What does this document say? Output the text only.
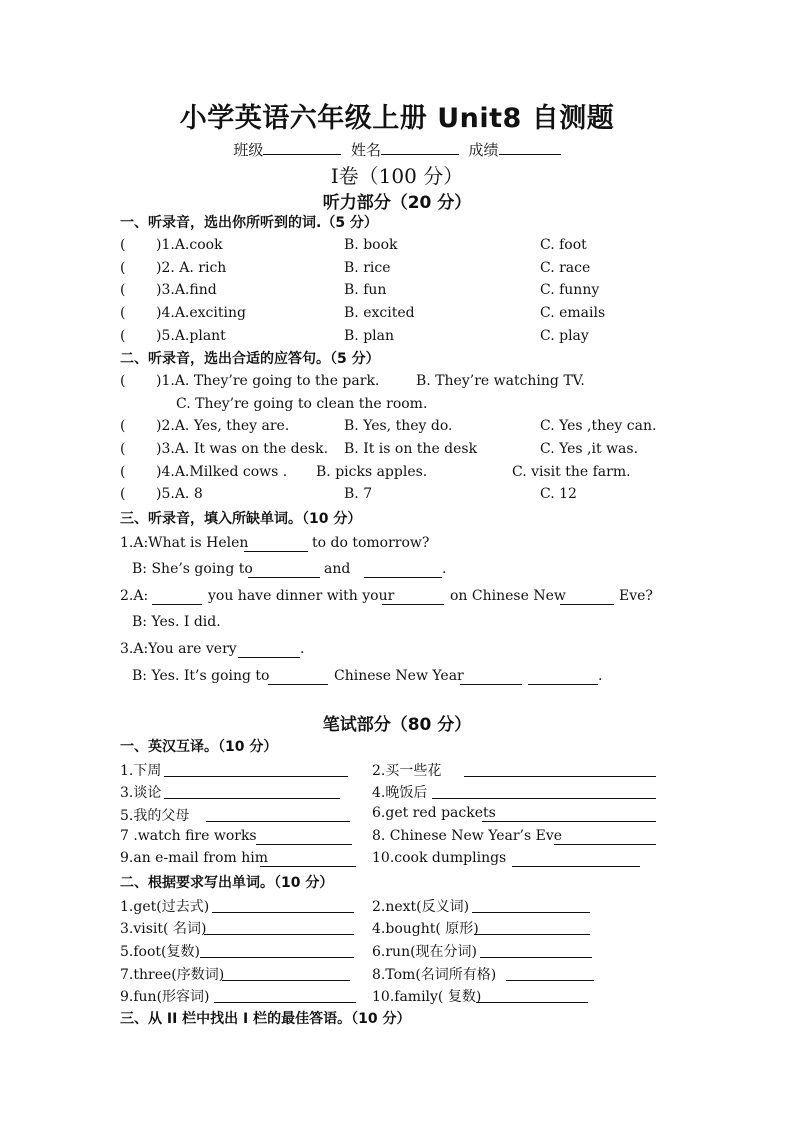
小学英语六年级上册 Unit8 自测题
班级	姓名	成绩
Ⅰ卷（100 分）
听力部分（20 分）
一、听录音，选出你所听到的词.（5 分）
( )1.A.cook	B. book	C. foot
( )2. A. rich	B. rice	C. race
( )3.A.find	B. fun	C. funny
( )4.A.exciting	B. excited	C. emails
( )5.A.plant	B. plan	C. play
二、听录音，选出合适的应答句。（5 分）
( )1.A. They’re going to the park.	B. They’re watching TV.
C. They’re going to clean the room.
( )2.A. Yes, they are.	B. Yes, they do.	C. Yes ,they can.
( )3.A. It was on the desk. B. It is on the desk	C. Yes ,it was.
( )4.A.Milked cows . B. picks apples.	C. visit the farm.
( )5.A. 8	B. 7	C. 12
三、听录音，填入所缺单词。（10 分）
1.A:What is Helen	to do tomorrow?
B: She’s going to	and	.
2.A:	you have dinner with your	on Chinese New	Eve?
B: Yes. I did.
3.A:You are very	.
B: Yes. It’s going to	Chinese New Year	.
笔试部分（80 分）
一、英汉互译。（10 分）
1.下周	2.买一些花
3.谈论	4.晚饭后
5.我的父母	6.get red packets
7 .watch fire works	8. Chinese New Year’s Eve
9.an e-mail from him	10.cook dumplings
二、根据要求写出单词。（10 分）
1.get(过去式)	2.next(反义词)
3.visit( 名词)	4.bought( 原形)
5.foot(复数)	6.run(现在分词)
7.three(序数词)	8.Tom(名词所有格)
9.fun(形容词)	10.family( 复数)
三、从 II 栏中找出 I 栏的最佳答语。（10 分）
